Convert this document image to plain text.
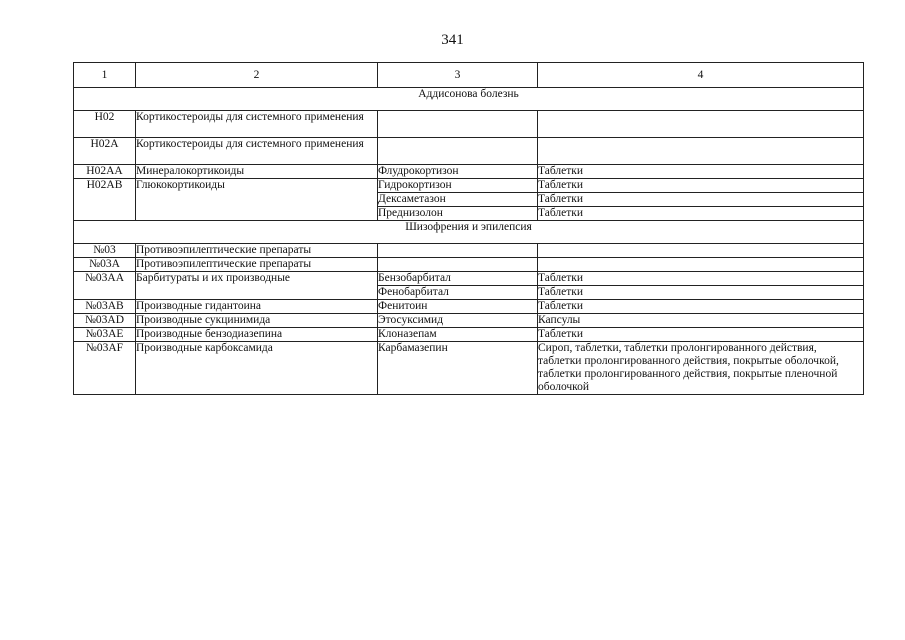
341
1	2	3	4
Аддисонова болезнь			
H02	Кортикостероиды для системного применения		
H02A	Кортикостероиды для системного применения		
H02AA	Минералокортикоиды	Флудрокортизон	Таблетки
H02AB	Глюкокортикоиды	Гидрокортизон	Таблетки
		Дексаметазон	Таблетки
		Преднизолон	Таблетки
Шизофрения и эпилепсия			
№03	Противоэпилептические препараты		
№03A	Противоэпилептические препараты		
№03AA	Барбитураты и их производные	Бензобарбитал	Таблетки
		Фенобарбитал	Таблетки
№03AB	Производные гидантоина	Фенитоин	Таблетки
№03AD	Производные сукцинимида	Этосуксимид	Капсулы
№03AE	Производные бензодиазепина	Клоназепам	Таблетки
№03AF	Производные карбоксамида	Карбамазепин	Сироп, таблетки, таблетки пролонгированного действия, таблетки пролонгированного действия, покрытые оболочкой, таблетки пролонгированного действия, покрытые пленочной оболочкой
